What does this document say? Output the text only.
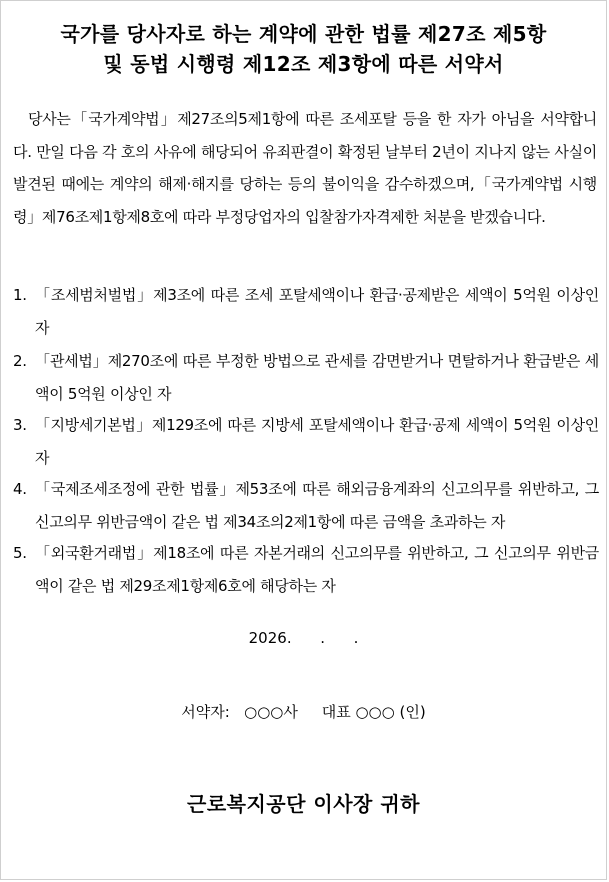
국가를 당사자로 하는 계약에 관한 법률 제27조 제5항
및 동법 시행령 제12조 제3항에 따른 서약서
당사는「국가계약법」제27조의5제1항에 따른 조세포탈 등을 한 자가 아님을 서약합니다. 만일 다음 각 호의 사유에 해당되어 유죄판결이 확정된 날부터 2년이 지나지 않는 사실이 발견된 때에는 계약의 해제·해지를 당하는 등의 불이익을 감수하겠으며,「국가계약법 시행령」제76조제1항제8호에 따라 부정당업자의 입찰참가자격제한 처분을 받겠습니다.
1. 「조세범처벌법」제3조에 따른 조세 포탈세액이나 환급·공제받은 세액이 5억원 이상인 자
2. 「관세법」제270조에 따른 부정한 방법으로 관세를 감면받거나 면탈하거나 환급받은 세액이 5억원 이상인 자
3. 「지방세기본법」제129조에 따른 지방세 포탈세액이나 환급·공제 세액이 5억원 이상인 자
4. 「국제조세조정에 관한 법률」제53조에 따른 해외금융계좌의 신고의무를 위반하고, 그 신고의무 위반금액이 같은 법 제34조의2제1항에 따른 금액을 초과하는 자
5. 「외국환거래법」제18조에 따른 자본거래의 신고의무를 위반하고, 그 신고의무 위반금액이 같은 법 제29조제1항제6호에 해당하는 자
2026.      .      .
서약자:   ○○○사     대표 ○○○ (인)
근로복지공단 이사장 귀하
